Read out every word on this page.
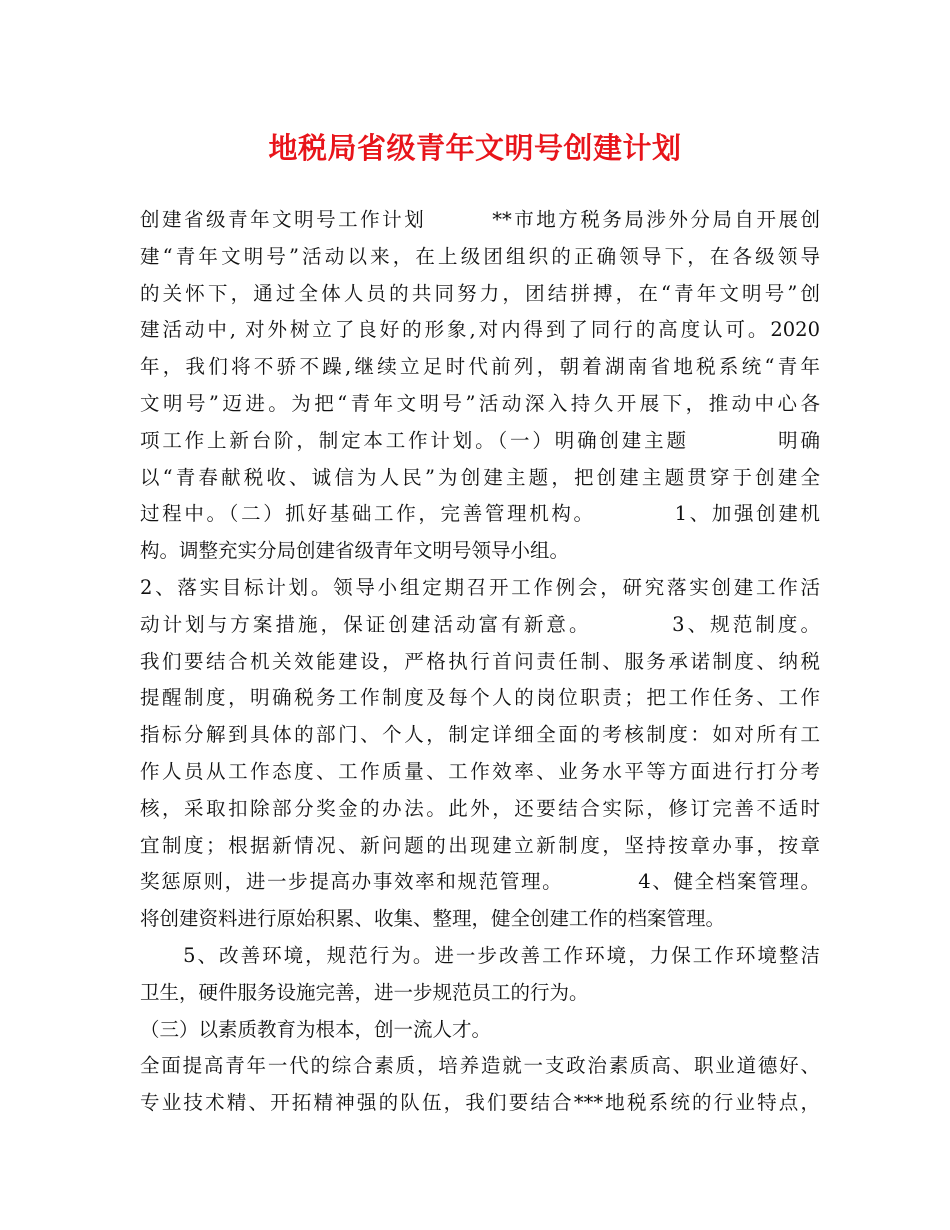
地税局省级青年文明号创建计划
创建省级青年文明号工作计划　　　**市地方税务局涉外分局自开展创
建“青年文明号”活动以来，在上级团组织的正确领导下，在各级领导
的关怀下，通过全体人员的共同努力，团结拼搏，在“青年文明号”创
建活动中, 对外树立了良好的形象,对内得到了同行的高度认可。2020
年，我们将不骄不躁,继续立足时代前列，朝着湖南省地税系统“青年
文明号”迈进。为把“青年文明号”活动深入持久开展下，推动中心各
项工作上新台阶，制定本工作计划。（一）明确创建主题　　　　明确
以“青春献税收、诚信为人民”为创建主题，把创建主题贯穿于创建全
过程中。（二）抓好基础工作，完善管理机构。　　　　1、加强创建机
构。调整充实分局创建省级青年文明号领导小组。
2、落实目标计划。领导小组定期召开工作例会，研究落实创建工作活
动计划与方案措施，保证创建活动富有新意。　　　　3、规范制度。
我们要结合机关效能建设，严格执行首问责任制、服务承诺制度、纳税
提醒制度，明确税务工作制度及每个人的岗位职责；把工作任务、工作
指标分解到具体的部门、个人，制定详细全面的考核制度：如对所有工
作人员从工作态度、工作质量、工作效率、业务水平等方面进行打分考
核，采取扣除部分奖金的办法。此外，还要结合实际，修订完善不适时
宜制度；根据新情况、新问题的出现建立新制度，坚持按章办事，按章
奖惩原则，进一步提高办事效率和规范管理。　　　　4、健全档案管理。
将创建资料进行原始积累、收集、整理，健全创建工作的档案管理。
　　5、改善环境，规范行为。进一步改善工作环境，力保工作环境整洁
卫生，硬件服务设施完善，进一步规范员工的行为。
（三）以素质教育为根本，创一流人才。
全面提高青年一代的综合素质，培养造就一支政治素质高、职业道德好、
专业技术精、开拓精神强的队伍，我们要结合***地税系统的行业特点，
